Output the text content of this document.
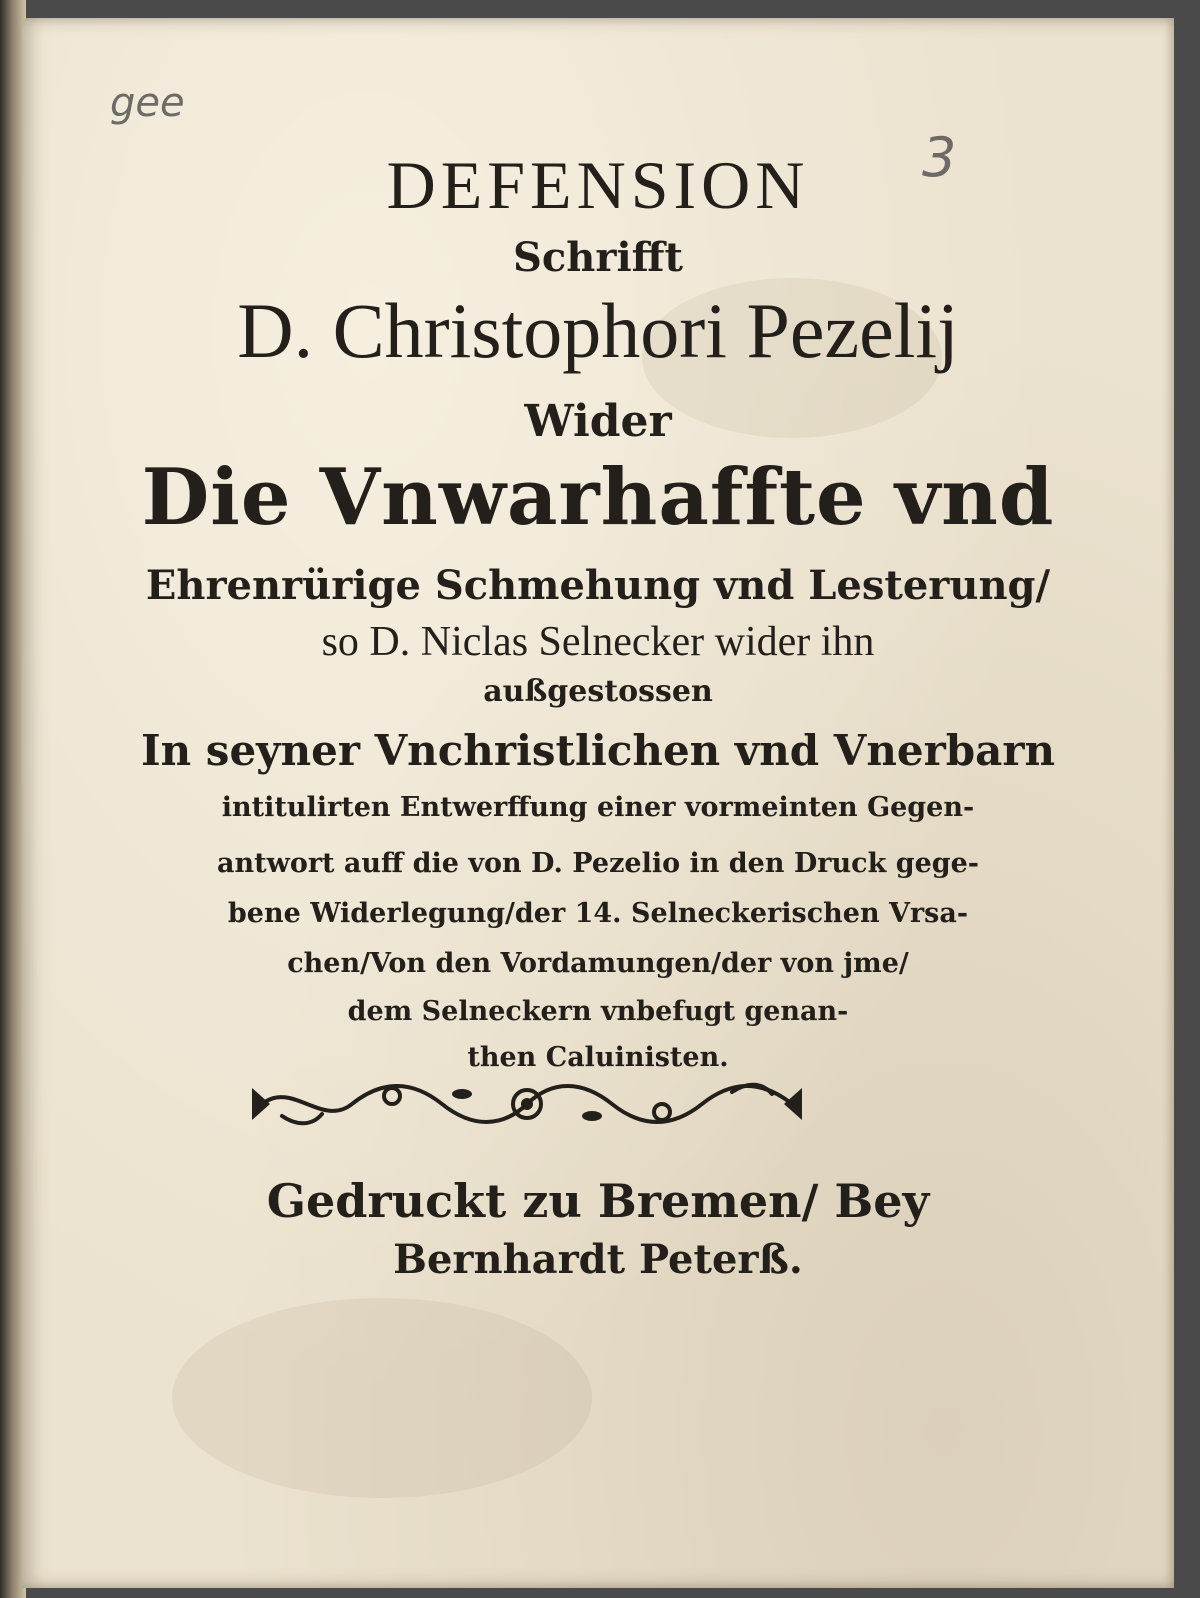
gee
3
DEFENSION
Schrifft
D. Christophori Pezelij
Wider
Die Vnwarhaffte vnd
Ehrenrürige Schmehung vnd Lesterung/
so D. Niclas Selnecker wider ihn
außgestossen
In seyner Vnchristlichen vnd Vnerbarn
intitulirten Entwerffung einer vormeinten Gegen-
antwort auff die von D. Pezelio in den Druck gege-
bene Widerlegung/der 14. Selneckerischen Vrsa-
chen/Von den Vordamungen/der von jme/
dem Selneckern vnbefugt genan-
then Caluinisten.
Gedruckt zu Bremen/ Bey
Bernhardt Peterß.
